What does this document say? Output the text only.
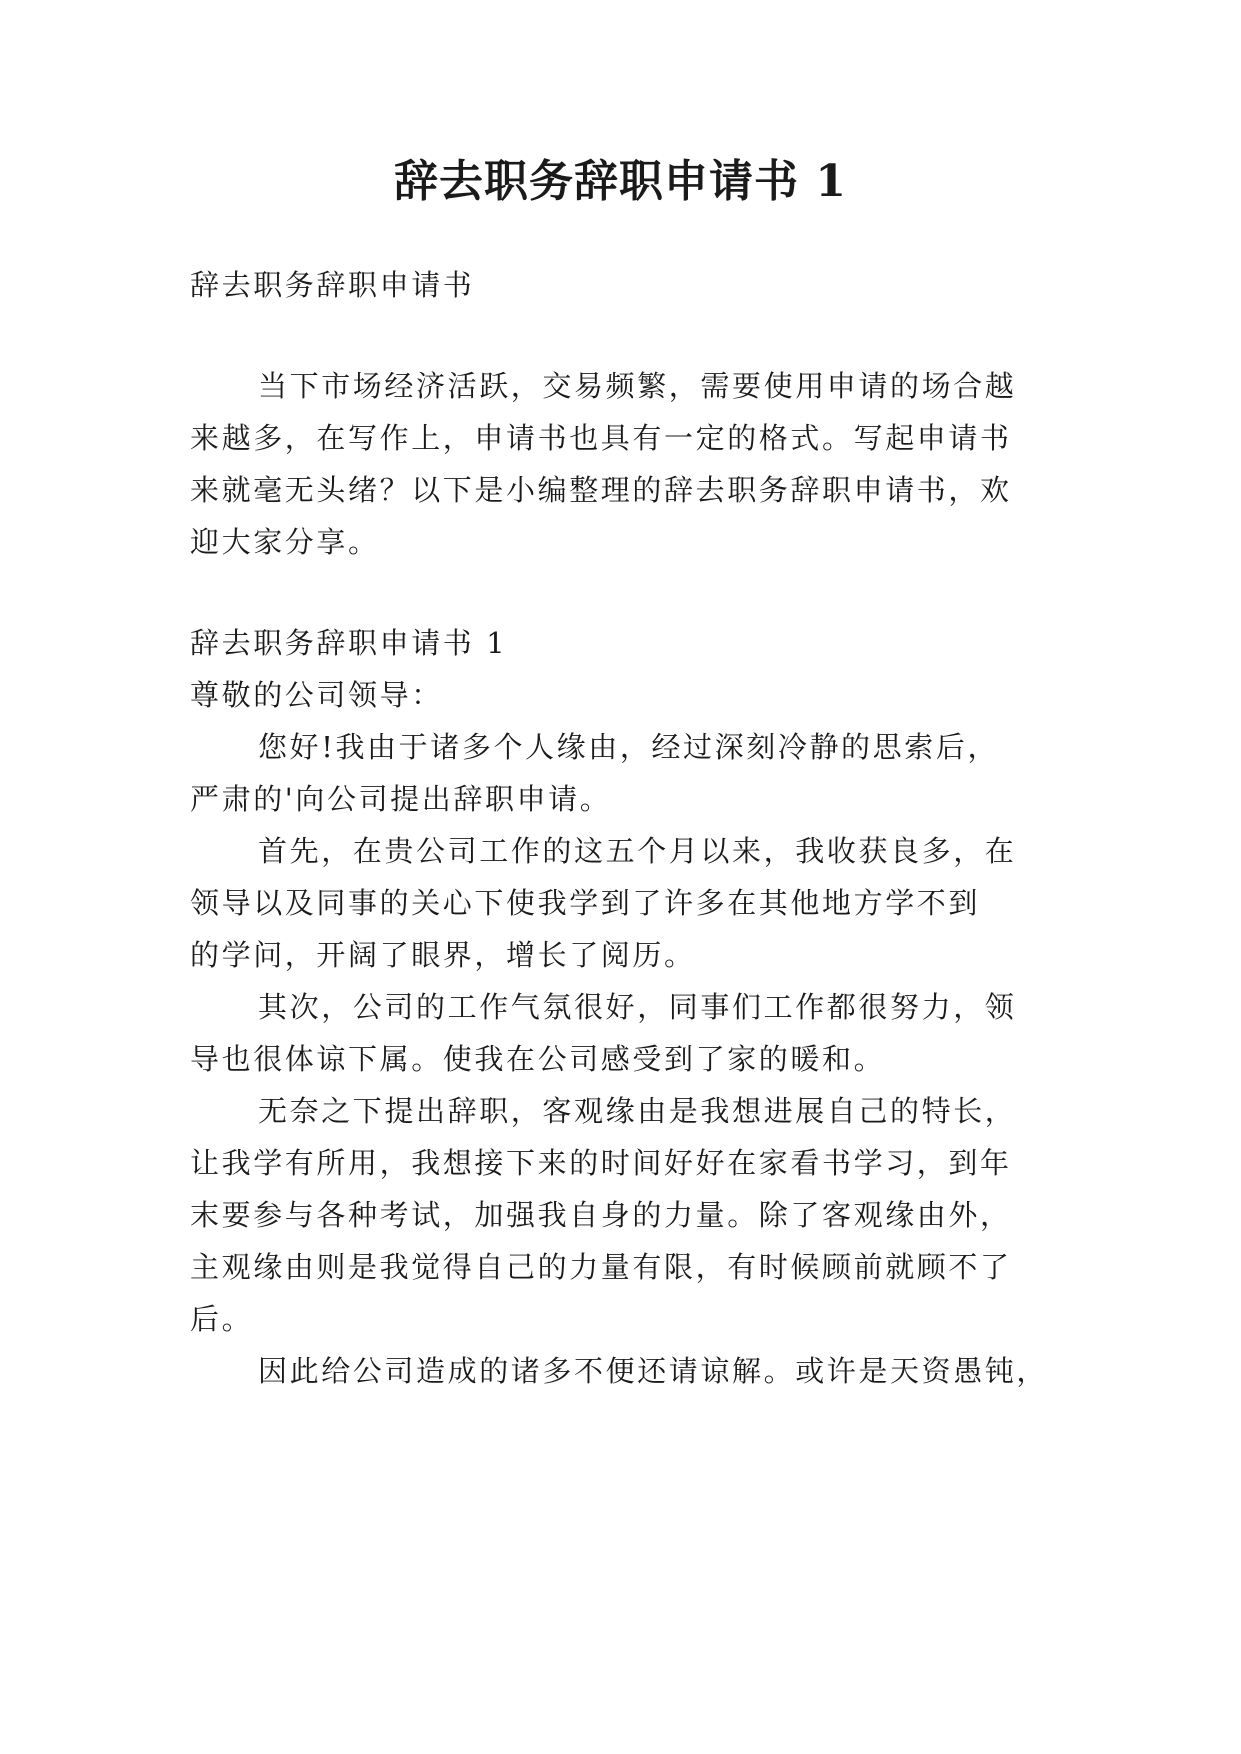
辞去职务辞职申请书 1

辞去职务辞职申请书

当下市场经济活跃，交易频繁，需要使用申请的场合越

来越多，在写作上，申请书也具有一定的格式。写起申请书

来就毫无头绪？以下是小编整理的辞去职务辞职申请书，欢

迎大家分享。

辞去职务辞职申请书 1

尊敬的公司领导：

您好!我由于诸多个人缘由，经过深刻冷静的思索后，

严肃的'向公司提出辞职申请。

首先，在贵公司工作的这五个月以来，我收获良多，在

领导以及同事的关心下使我学到了许多在其他地方学不到

的学问，开阔了眼界，增长了阅历。

其次，公司的工作气氛很好，同事们工作都很努力，领

导也很体谅下属。使我在公司感受到了家的暖和。

无奈之下提出辞职，客观缘由是我想进展自己的特长，

让我学有所用，我想接下来的时间好好在家看书学习，到年

末要参与各种考试，加强我自身的力量。除了客观缘由外，

主观缘由则是我觉得自己的力量有限，有时候顾前就顾不了

后。

因此给公司造成的诸多不便还请谅解。或许是天资愚钝，
